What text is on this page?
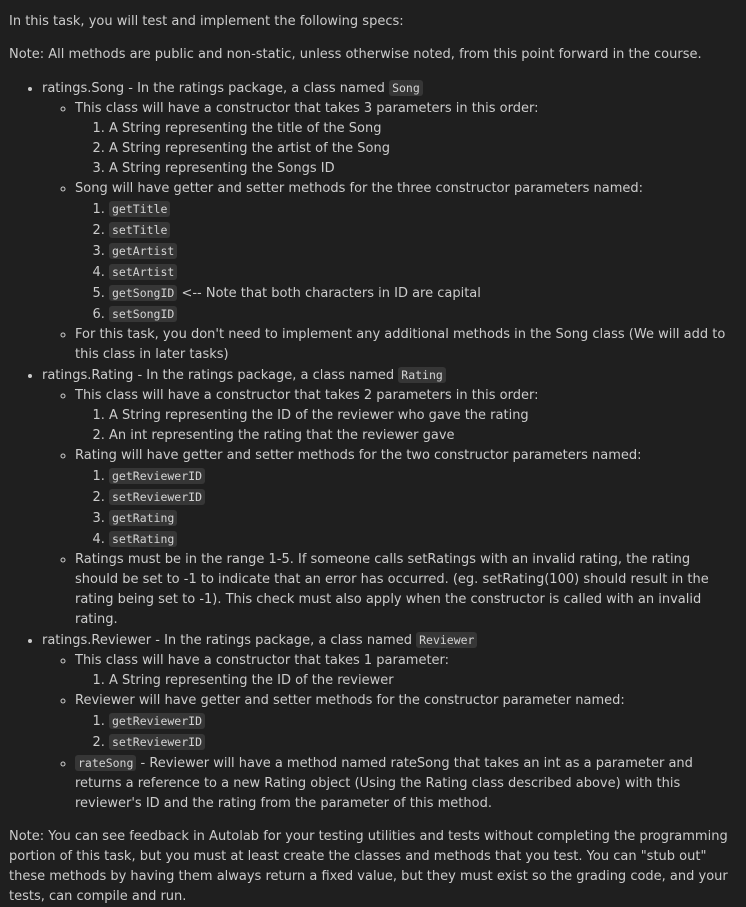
In this task, you will test and implement the following specs:

Note: All methods are public and non-static, unless otherwise noted, from this point forward in the course.

• ratings.Song - In the ratings package, a class named Song
◦ This class will have a constructor that takes 3 parameters in this order:
1. A String representing the title of the Song
2. A String representing the artist of the Song
3. A String representing the Songs ID
◦ Song will have getter and setter methods for the three constructor parameters named:
1. getTitle
2. setTitle
3. getArtist
4. setArtist
5. getSongID <-- Note that both characters in ID are capital
6. setSongID
◦ For this task, you don't need to implement any additional methods in the Song class (We will add to this class in later tasks)
• ratings.Rating - In the ratings package, a class named Rating
◦ This class will have a constructor that takes 2 parameters in this order:
1. A String representing the ID of the reviewer who gave the rating
2. An int representing the rating that the reviewer gave
◦ Rating will have getter and setter methods for the two constructor parameters named:
1. getReviewerID
2. setReviewerID
3. getRating
4. setRating
◦ Ratings must be in the range 1-5. If someone calls setRatings with an invalid rating, the rating should be set to -1 to indicate that an error has occurred. (eg. setRating(100) should result in the rating being set to -1). This check must also apply when the constructor is called with an invalid rating.
• ratings.Reviewer - In the ratings package, a class named Reviewer
◦ This class will have a constructor that takes 1 parameter:
1. A String representing the ID of the reviewer
◦ Reviewer will have getter and setter methods for the constructor parameter named:
1. getReviewerID
2. setReviewerID
◦ rateSong - Reviewer will have a method named rateSong that takes an int as a parameter and returns a reference to a new Rating object (Using the Rating class described above) with this reviewer's ID and the rating from the parameter of this method.

Note: You can see feedback in Autolab for your testing utilities and tests without completing the programming portion of this task, but you must at least create the classes and methods that you test. You can "stub out" these methods by having them always return a fixed value, but they must exist so the grading code, and your tests, can compile and run.
